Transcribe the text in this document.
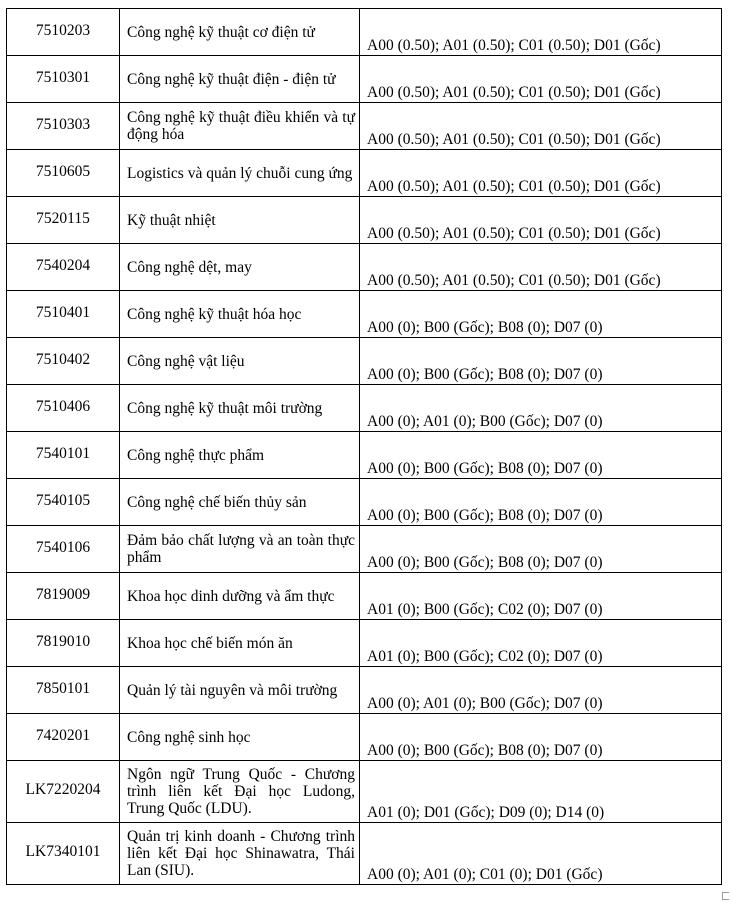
7510203	Công nghệ kỹ thuật cơ điện tử	A00 (0.50); A01 (0.50); C01 (0.50); D01 (Gốc)
7510301	Công nghệ kỹ thuật điện - điện tử	A00 (0.50); A01 (0.50); C01 (0.50); D01 (Gốc)
7510303	Công nghệ kỹ thuật điều khiển và tự động hóa	A00 (0.50); A01 (0.50); C01 (0.50); D01 (Gốc)
7510605	Logistics và quản lý chuỗi cung ứng	A00 (0.50); A01 (0.50); C01 (0.50); D01 (Gốc)
7520115	Kỹ thuật nhiệt	A00 (0.50); A01 (0.50); C01 (0.50); D01 (Gốc)
7540204	Công nghệ dệt, may	A00 (0.50); A01 (0.50); C01 (0.50); D01 (Gốc)
7510401	Công nghệ kỹ thuật hóa học	A00 (0); B00 (Gốc); B08 (0); D07 (0)
7510402	Công nghệ vật liệu	A00 (0); B00 (Gốc); B08 (0); D07 (0)
7510406	Công nghệ kỹ thuật môi trường	A00 (0); A01 (0); B00 (Gốc); D07 (0)
7540101	Công nghệ thực phẩm	A00 (0); B00 (Gốc); B08 (0); D07 (0)
7540105	Công nghệ chế biến thủy sản	A00 (0); B00 (Gốc); B08 (0); D07 (0)
7540106	Đảm bảo chất lượng và an toàn thực phẩm	A00 (0); B00 (Gốc); B08 (0); D07 (0)
7819009	Khoa học dinh dưỡng và ẩm thực	A01 (0); B00 (Gốc); C02 (0); D07 (0)
7819010	Khoa học chế biến món ăn	A01 (0); B00 (Gốc); C02 (0); D07 (0)
7850101	Quản lý tài nguyên và môi trường	A00 (0); A01 (0); B00 (Gốc); D07 (0)
7420201	Công nghệ sinh học	A00 (0); B00 (Gốc); B08 (0); D07 (0)
LK7220204	Ngôn ngữ Trung Quốc - Chương trình liên kết Đại học Ludong, Trung Quốc (LDU).	A01 (0); D01 (Gốc); D09 (0); D14 (0)
LK7340101	Quản trị kinh doanh - Chương trình liên kết Đại học Shinawatra, Thái Lan (SIU).	A00 (0); A01 (0); C01 (0); D01 (Gốc)
